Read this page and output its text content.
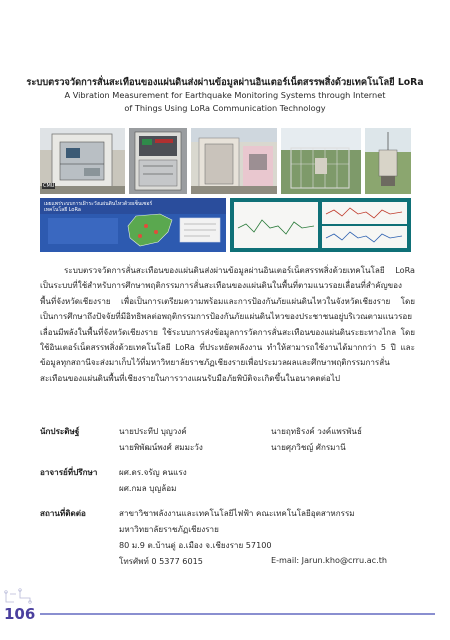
ระบบตรวจวัดการสั่นสะเทือนของแผ่นดินส่งผ่านข้อมูลผ่านอินเตอร์เน็ตสรรพสิ่งด้วยเทคโนโลยี LoRa
A Vibration Measurement for Earthquake Monitoring Systems through Internet
of Things Using LoRa Communication Technology
CMU
เผยแพร่ระบบการเฝ้าระวังแผ่นดินไหวด้วยเซ็นเซอร์เทคโนโลยี LoRa
ระบบตรวจวัดการสั่นสะเทือนของแผ่นดินส่งผ่านข้อมูลผ่านอินเตอร์เน็ตสรรพสิ่งด้วยเทคโนโลยี LoRa เป็นระบบที่ใช้สำหรับการศึกษาพฤติกรรมการสั่นสะเทือนของแผ่นดินในพื้นที่ตามแนวรอยเลื่อนที่สำคัญของพื้นที่จังหวัดเชียงราย เพื่อเป็นการเตรียมความพร้อมและการป้องกันภัยแผ่นดินไหวในจังหวัดเชียงราย โดยเป็นการศึกษาถึงปัจจัยที่มีอิทธิพลต่อพฤติกรรมการป้องกันภัยแผ่นดินไหวของประชาชนอยู่บริเวณตามแนวรอยเลื่อนมีพลังในพื้นที่จังหวัดเชียงราย ใช้ระบบการส่งข้อมูลการวัดการสั่นสะเทือนของแผ่นดินระยะทางไกล โดยใช้อินเตอร์เน็ตสรรพสิ่งด้วยเทคโนโลยี LoRa ที่ประหยัดพลังงาน ทำให้สามารถใช้งานได้มากกว่า 5 ปี และข้อมูลทุกสถานีจะส่งมาเก็บไว้ที่มหาวิทยาลัยราชภัฏเชียงรายเพื่อประมวลผลและศึกษาพฤติกรรมการสั่นสะเทือนของแผ่นดินพื้นที่เชียงรายในการวางแผนรับมือภัยพิบัติจะเกิดขึ้นในอนาคตต่อไป
นักประดิษฐ์	นายประทีป บุญวงค์	นายฤทธิรงค์ วงค์แพรพันธ์
นายพิพัฒน์พงศ์ สมมะวัง	นายศุภวิชญ์ ศักรมานี
อาจารย์ที่ปรึกษา	ผศ.ดร.จรัญ คนแรง
ผศ.กมล บุญล้อม
สถานที่ติดต่อ	สาขาวิชาพลังงานและเทคโนโลยีไฟฟ้า คณะเทคโนโลยีอุตสาหกรรม
มหาวิทยาลัยราชภัฏเชียงราย
80 ม.9 ต.บ้านดู่ อ.เมือง จ.เชียงราย 57100
โทรศัพท์ 0 5377 6015	E-mail: Jarun.kho@crru.ac.th
106
